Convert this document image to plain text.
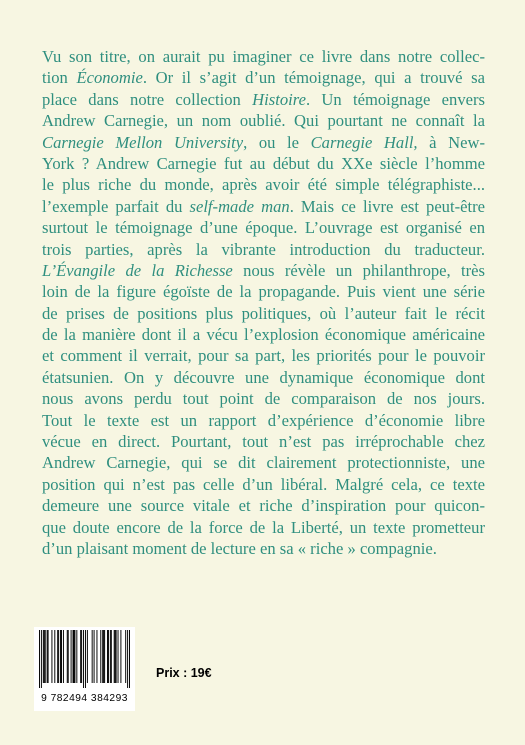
Vu son titre, on aurait pu imaginer ce livre dans notre collec-
tion Économie. Or il s’agit d’un témoignage, qui a trouvé sa
place dans notre collection Histoire. Un témoignage envers
Andrew Carnegie, un nom oublié. Qui pourtant ne connaît la
Carnegie Mellon University, ou le Carnegie Hall, à New-
York ? Andrew Carnegie fut au début du XXe siècle l’homme
le plus riche du monde, après avoir été simple télégraphiste...
l’exemple parfait du self-made man. Mais ce livre est peut-être
surtout le témoignage d’une époque. L’ouvrage est organisé en
trois parties, après la vibrante introduction du traducteur.
L’Évangile de la Richesse nous révèle un philanthrope, très
loin de la figure égoïste de la propagande. Puis vient une série
de prises de positions plus politiques, où l’auteur fait le récit
de la manière dont il a vécu l’explosion économique américaine
et comment il verrait, pour sa part, les priorités pour le pouvoir
étatsunien. On y découvre une dynamique économique dont
nous avons perdu tout point de comparaison de nos jours.
Tout le texte est un rapport d’expérience d’économie libre
vécue en direct. Pourtant, tout n’est pas irréprochable chez
Andrew Carnegie, qui se dit clairement protectionniste, une
position qui n’est pas celle d’un libéral. Malgré cela, ce texte
demeure une source vitale et riche d’inspiration pour quicon-
que doute encore de la force de la Liberté, un texte prometteur
d’un plaisant moment de lecture en sa « riche » compagnie.
9 782494 384293
Prix : 19€
